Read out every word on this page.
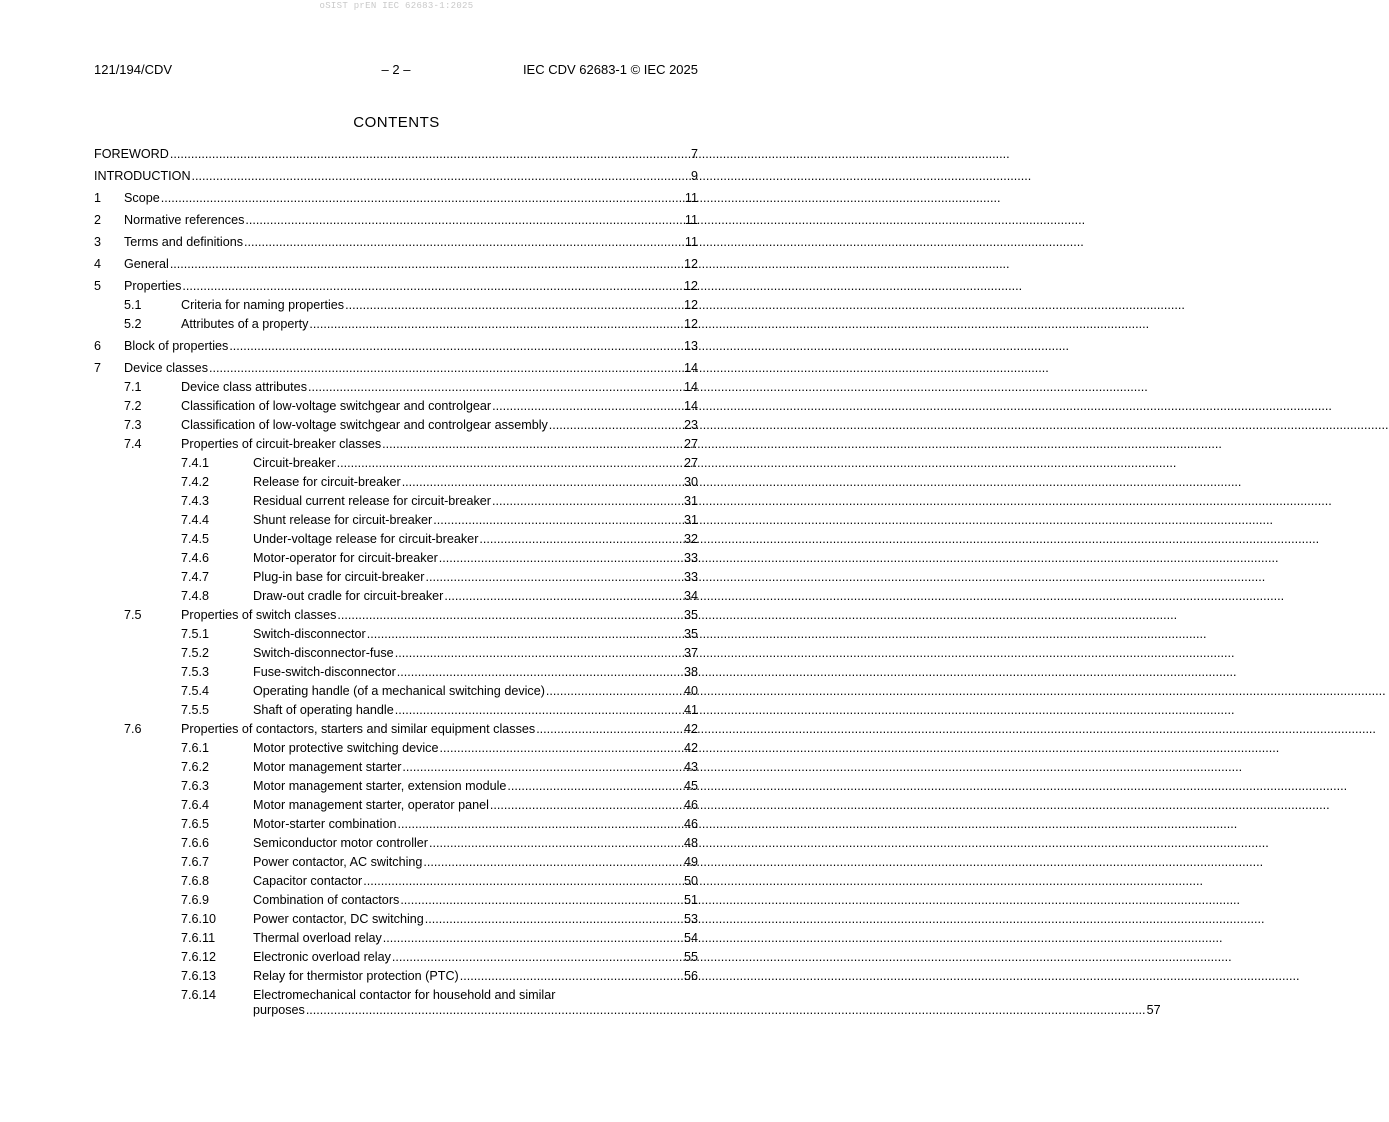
oSIST prEN IEC 62683-1:2025
121/194/CDV	– 2 –	IEC CDV 62683-1 © IEC 2025
CONTENTS
FOREWORD .....	7
INTRODUCTION .....	9
1	Scope .....	11
2	Normative references .....	11
3	Terms and definitions .....	11
4	General .....	12
5	Properties .....	12
5.1	Criteria for naming properties .....	12
5.2	Attributes of a property .....	12
6	Block of properties .....	13
7	Device classes .....	14
7.1	Device class attributes .....	14
7.2	Classification of low-voltage switchgear and controlgear .....	14
7.3	Classification of low-voltage switchgear and controlgear assembly .....	23
7.4	Properties of circuit-breaker classes .....	27
7.4.1	Circuit-breaker .....	27
7.4.2	Release for circuit-breaker .....	30
7.4.3	Residual current release for circuit-breaker .....	31
7.4.4	Shunt release for circuit-breaker .....	31
7.4.5	Under-voltage release for circuit-breaker .....	32
7.4.6	Motor-operator for circuit-breaker .....	33
7.4.7	Plug-in base for circuit-breaker .....	33
7.4.8	Draw-out cradle for circuit-breaker .....	34
7.5	Properties of switch classes .....	35
7.5.1	Switch-disconnector .....	35
7.5.2	Switch-disconnector-fuse .....	37
7.5.3	Fuse-switch-disconnector .....	38
7.5.4	Operating handle (of a mechanical switching device) .....	40
7.5.5	Shaft of operating handle .....	41
7.6	Properties of contactors, starters and similar equipment classes .....	42
7.6.1	Motor protective switching device .....	42
7.6.2	Motor management starter .....	43
7.6.3	Motor management starter, extension module .....	45
7.6.4	Motor management starter, operator panel .....	46
7.6.5	Motor-starter combination .....	46
7.6.6	Semiconductor motor controller .....	48
7.6.7	Power contactor, AC switching .....	49
7.6.8	Capacitor contactor .....	50
7.6.9	Combination of contactors .....	51
7.6.10	Power contactor, DC switching .....	53
7.6.11	Thermal overload relay .....	54
7.6.12	Electronic overload relay .....	55
7.6.13	Relay for thermistor protection (PTC) .....	56
7.6.14	Electromechanical contactor for household and similar
purposes .....	57
